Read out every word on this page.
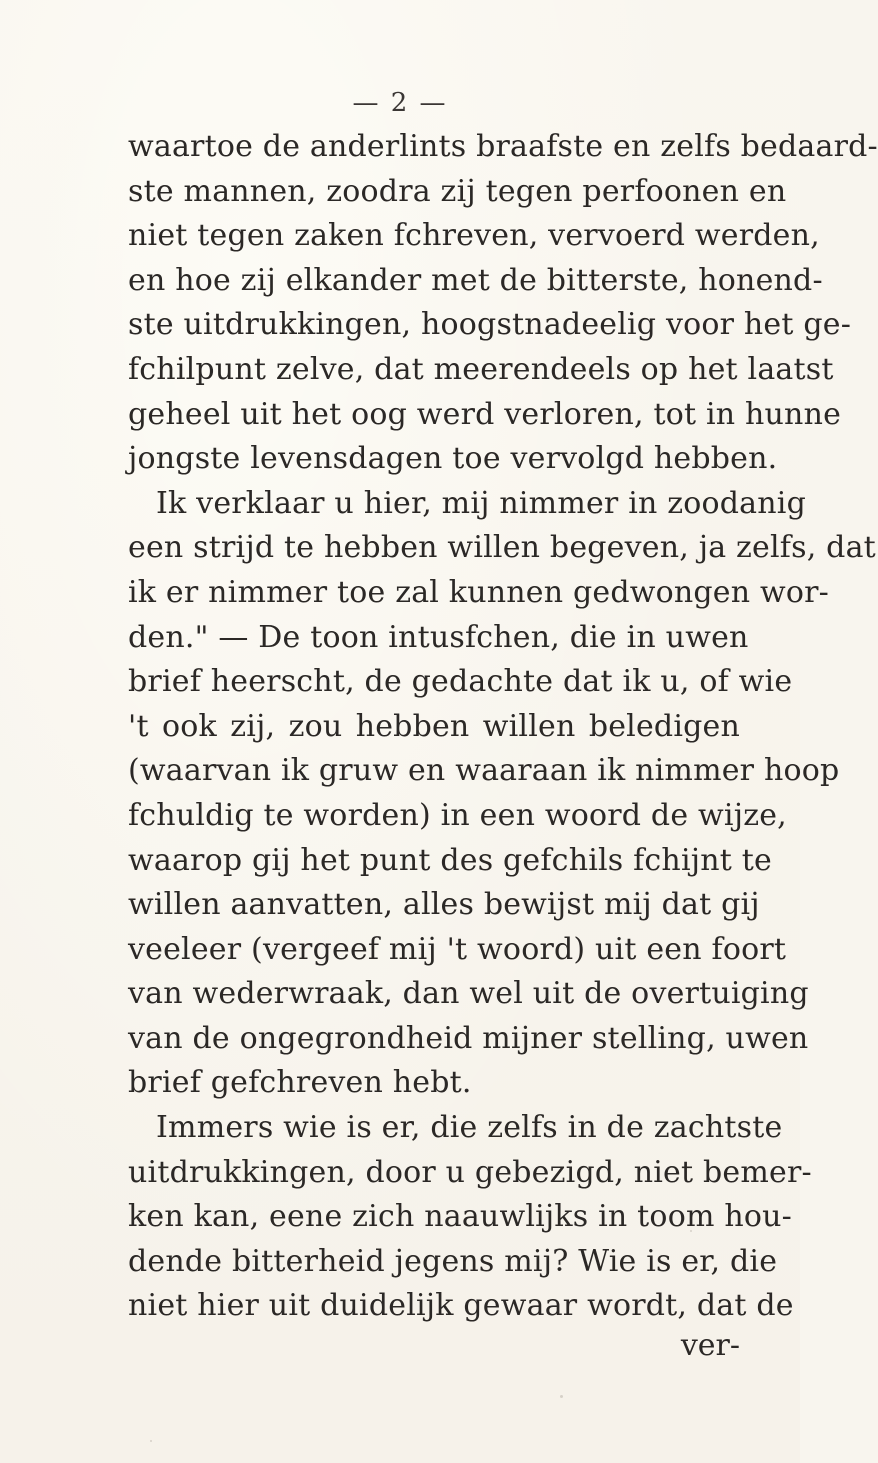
— 2 —
waartoe de anderlints braafste en zelfs bedaard-
ste mannen, zoodra zij tegen perfoonen en
niet tegen zaken fchreven, vervoerd werden,
en hoe zij elkander met de bitterste, honend-
ste uitdrukkingen, hoogstnadeelig voor het ge-
fchilpunt zelve, dat meerendeels op het laatst
geheel uit het oog werd verloren, tot in hunne
jongste levensdagen toe vervolgd hebben.
Ik verklaar u hier, mij nimmer in zoodanig
een strijd te hebben willen begeven, ja zelfs, dat
ik er nimmer toe zal kunnen gedwongen wor-
den." — De toon intusfchen, die in uwen
brief heerscht, de gedachte dat ik u, of wie
't ook zij, zou hebben willen beledigen
(waarvan ik gruw en waaraan ik nimmer hoop
fchuldig te worden) in een woord de wijze,
waarop gij het punt des gefchils fchijnt te
willen aanvatten, alles bewijst mij dat gij
veeleer (vergeef mij 't woord) uit een foort
van wederwraak, dan wel uit de overtuiging
van de ongegrondheid mijner stelling, uwen
brief gefchreven hebt.
Immers wie is er, die zelfs in de zachtste
uitdrukkingen, door u gebezigd, niet bemer-
ken kan, eene zich naauwlijks in toom hou-
dende bitterheid jegens mij? Wie is er, die
niet hier uit duidelijk gewaar wordt, dat de
ver-
